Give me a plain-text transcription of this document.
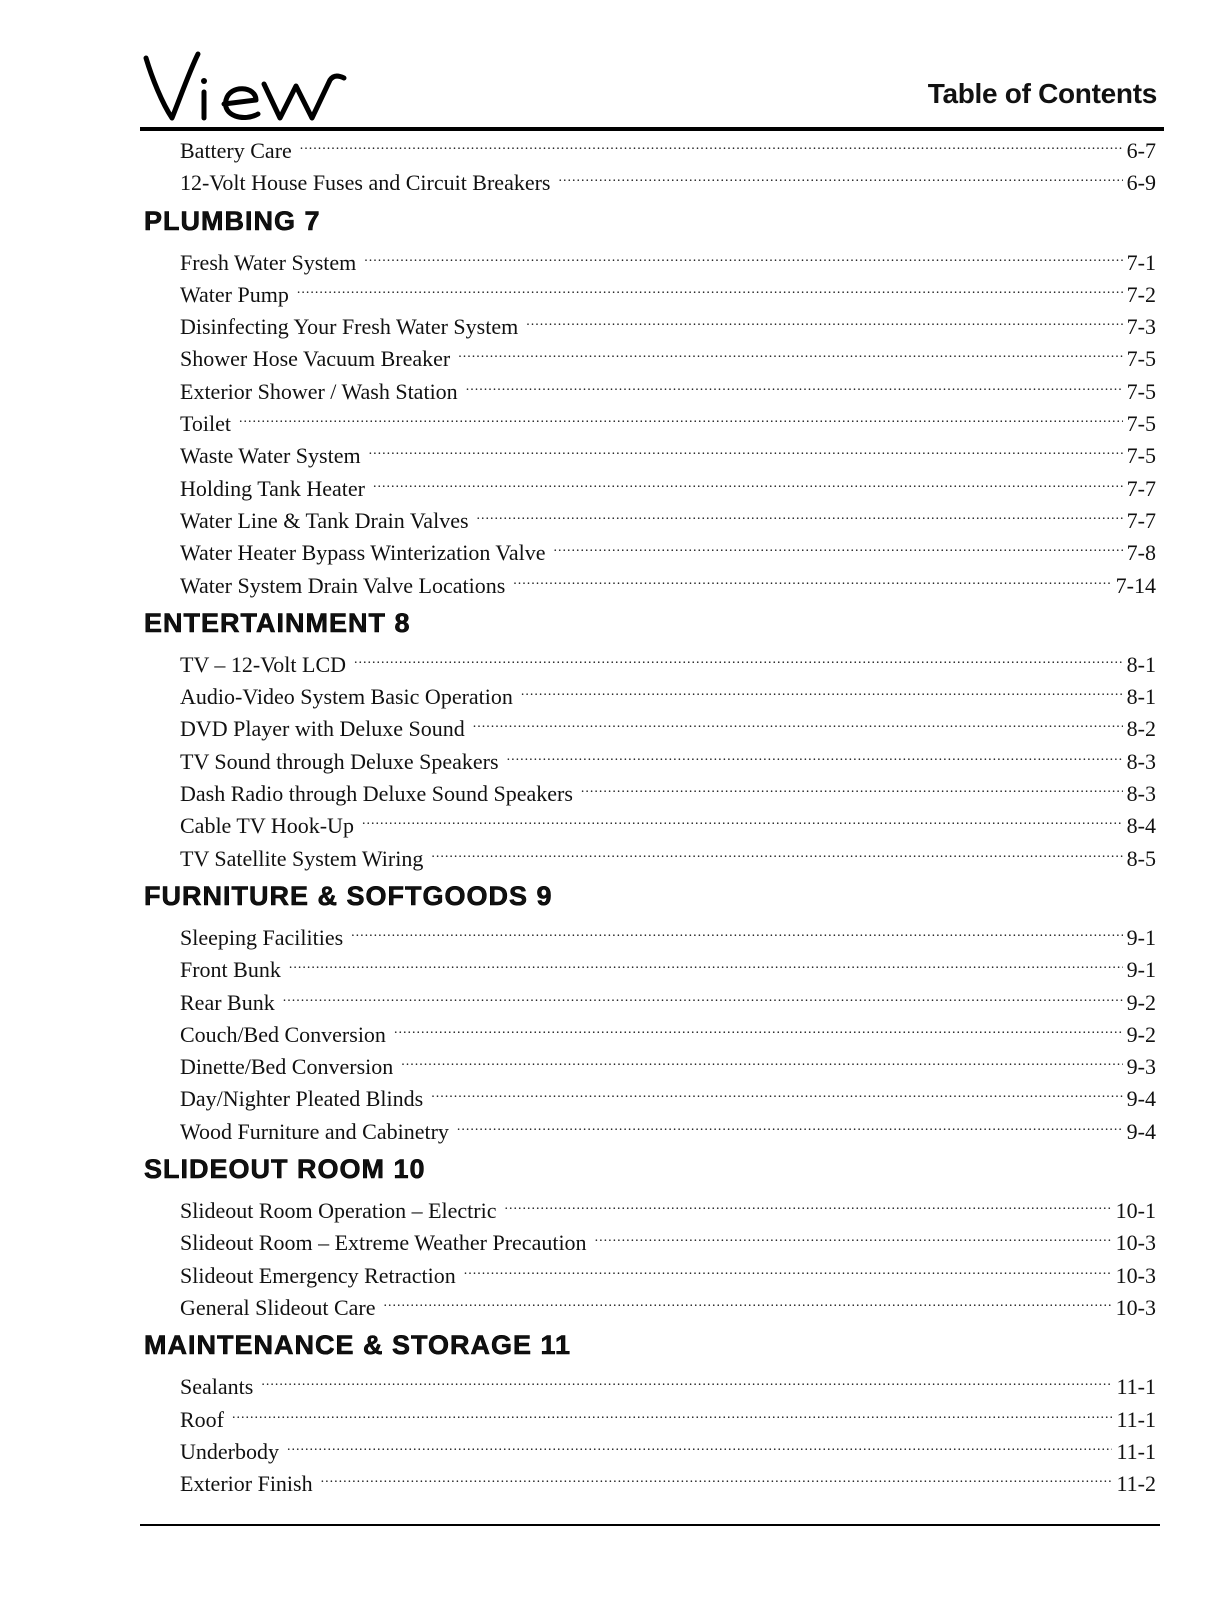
Table of Contents
Battery Care .....	6-7
12-Volt House Fuses and Circuit Breakers .....	6-9
PLUMBING 7
Fresh Water System .....	7-1
Water Pump .....	7-2
Disinfecting Your Fresh Water System .....	7-3
Shower Hose Vacuum Breaker .....	7-5
Exterior Shower / Wash Station .....	7-5
Toilet .....	7-5
Waste Water System .....	7-5
Holding Tank Heater .....	7-7
Water Line & Tank Drain Valves .....	7-7
Water Heater Bypass Winterization Valve .....	7-8
Water System Drain Valve Locations .....	7-14
ENTERTAINMENT 8
TV – 12-Volt LCD .....	8-1
Audio-Video System Basic Operation .....	8-1
DVD Player with Deluxe Sound .....	8-2
TV Sound through Deluxe Speakers .....	8-3
Dash Radio through Deluxe Sound Speakers .....	8-3
Cable TV Hook-Up .....	8-4
TV Satellite System Wiring .....	8-5
FURNITURE & SOFTGOODS 9
Sleeping Facilities .....	9-1
Front Bunk .....	9-1
Rear Bunk .....	9-2
Couch/Bed Conversion .....	9-2
Dinette/Bed Conversion .....	9-3
Day/Nighter Pleated Blinds .....	9-4
Wood Furniture and Cabinetry .....	9-4
SLIDEOUT ROOM 10
Slideout Room Operation – Electric .....	10-1
Slideout Room – Extreme Weather Precaution .....	10-3
Slideout Emergency Retraction .....	10-3
General Slideout Care .....	10-3
MAINTENANCE & STORAGE 11
Sealants .....	11-1
Roof .....	11-1
Underbody .....	11-1
Exterior Finish .....	11-2
